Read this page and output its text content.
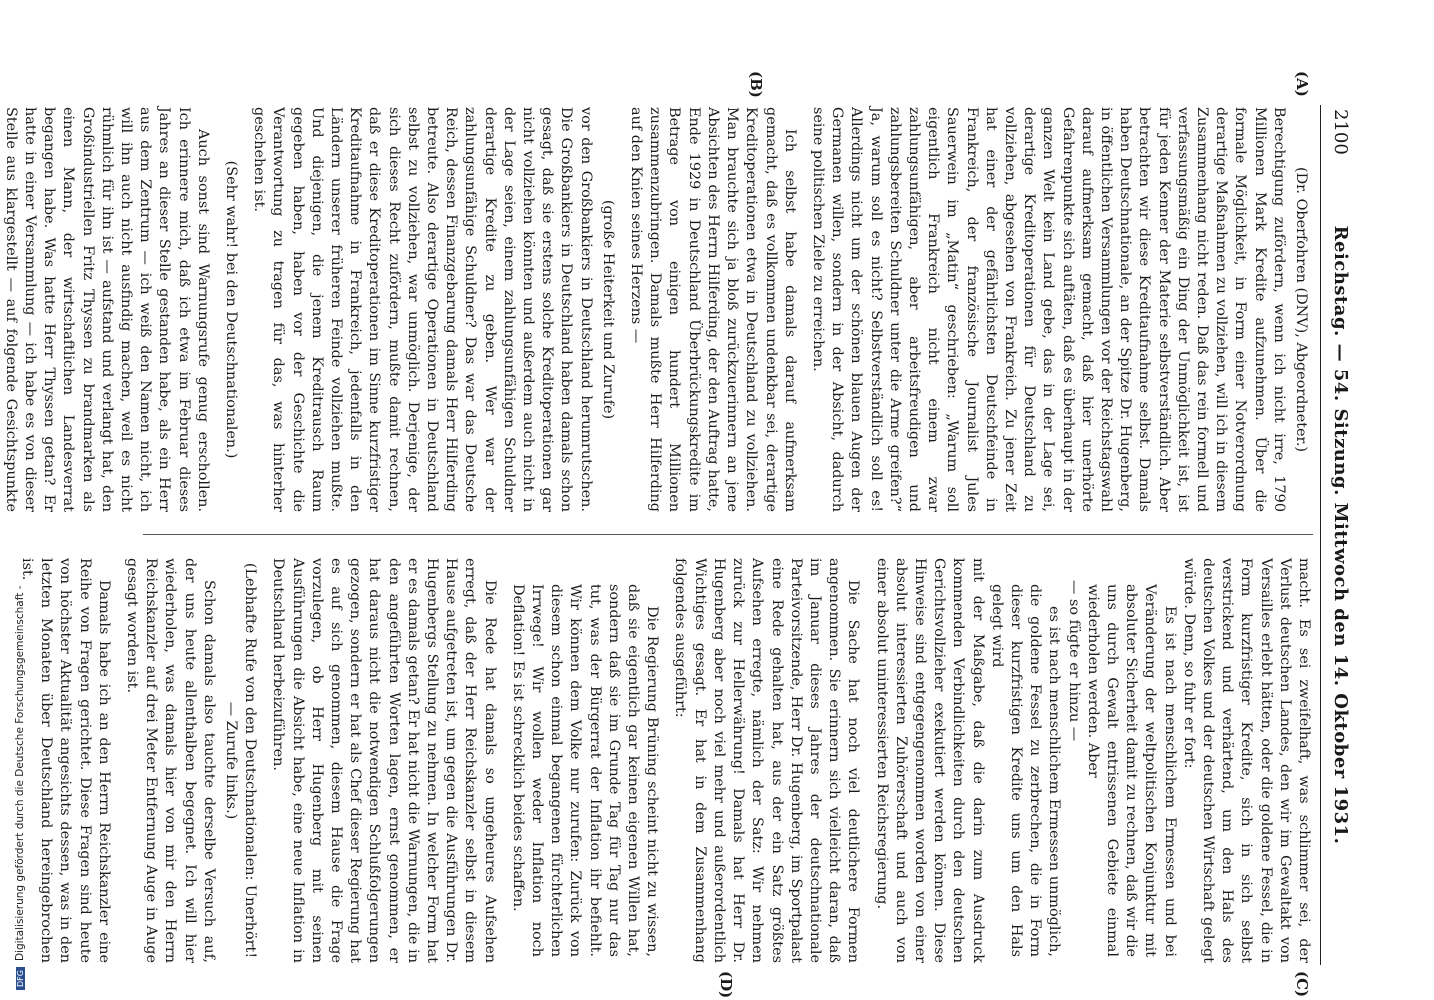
2100
Reichstag. — 54. Sitzung. Mittwoch den 14. Oktober 1931.
(A)
(B)
(C)
(D)

(Dr. Oberfohren (DNV), Abgeordneter.)

Berechtigung zufördern, wenn ich nicht irre, 1790 Millionen Mark Kredite aufzunehmen. Über die formale Möglichkeit, in Form einer Notverordnung derartige Maßnahmen zu vollziehen, will ich in diesem Zusammenhang nicht reden. Daß das rein formell und verfassungsmäßig ein Ding der Unmöglichkeit ist, ist für jeden Kenner der Materie selbstverständlich. Aber betrachten wir diese Kreditaufnahme selbst. Damals haben Deutschnationale, an der Spitze Dr. Hugenberg, in öffentlichen Versammlungen vor der Reichstagswahl darauf aufmerksam gemacht, daß hier unerhörte Gefahrenpunkte sich auftäten, daß es überhaupt in der ganzen Welt kein Land gebe, das in der Lage sei, derartige Kreditoperationen für Deutschland zu vollziehen, abgesehen von Frankreich. Zu jener Zeit hat einer der gefährlichsten Deutschfeinde in Frankreich, der französische Journalist Jules Sauerwein im „Matin“ geschrieben: „Warum soll eigentlich Frankreich nicht einem zwar zahlungsunfähigen, aber arbeitsfreudigen und zahlungsbereiten Schuldner unter die Arme greifen?“ Ja, warum soll es nicht? Selbstverständlich soll es! Allerdings nicht um der schönen blauen Augen der Germanen willen, sondern in der Absicht, dadurch seine politischen Ziele zu erreichen.

Ich selbst habe damals darauf aufmerksam gemacht, daß es vollkommen undenkbar sei, derartige Kreditoperationen etwa in Deutschland zu vollziehen. Man brauchte sich ja bloß zurückzuerinnern an jene Absichten des Herrn Hilferding, der den Auftrag hatte, Ende 1929 in Deutschland Überbrückungskredite im Betrage von einigen hundert Millionen zusammenzubringen. Damals mußte Herr Hilferding auf den Knien seines Herzens —

(große Heiterkeit und Zurufe)

vor den Großbankiers in Deutschland herumrutschen. Die Großbankiers in Deutschland haben damals schon gesagt, daß sie erstens solche Kreditoperationen gar nicht vollziehen könnten und außerdem auch nicht in der Lage seien, einem zahlungsunfähigen Schuldner derartige Kredite zu geben. Wer war der zahlungsunfähige Schuldner? Das war das Deutsche Reich, dessen Finanzgebarung damals Herr Hilferding betreute. Also derartige Operationen in Deutschland selbst zu vollziehen, war unmöglich. Derjenige, der sich dieses Recht zufördern, mußte damit rechnen, daß er diese Kreditoperationen im Sinne kurzfristiger Kreditaufnahme in Frankreich, jedenfalls in den Ländern unserer früheren Feinde vollziehen mußte. Und diejenigen, die jenem Kreditrausch Raum gegeben haben, haben vor der Geschichte die Verantwortung zu tragen für das, was hinterher geschehen ist.

(Sehr wahr! bei den Deutschnationalen.)

Auch sonst sind Warnungsrufe genug erschollen. Ich erinnere mich, daß ich etwa im Februar dieses Jahres an dieser Stelle gestanden habe, als ein Herr aus dem Zentrum — ich weiß den Namen nicht, ich will ihn auch nicht ausfindig machen, weil es nicht rühmlich für ihn ist — aufstand und verlangt hat, den Großindustriellen Fritz Thyssen zu brandmarken als einen Mann, der wirtschaftlichen Landesverrat begangen habe. Was hatte Herr Thyssen getan? Er hatte in einer Versammlung — ich habe es von dieser Stelle aus klargestellt — auf folgende Gesichtspunkte

macht. Es sei zweifelhaft, was schlimmer sei, der Verlust deutschen Landes, den wir im Gewaltakt von Versailles erlebt hätten, oder die goldene Fessel, die in Form kurzfristiger Kredite, sich in sich selbst verstrickend und verhärtend, um den Hals des deutschen Volkes und der deutschen Wirtschaft gelegt würde. Denn, so fuhr er fort:

Es ist nach menschlichem Ermessen und bei Veränderung der weltpolitischen Konjunktur mit absoluter Sicherheit damit zu rechnen, daß wir die uns durch Gewalt entrissenen Gebiete einmal wiederholen werden. Aber

— so fügte er hinzu —

es ist nach menschlichem Ermessen unmöglich, die goldene Fessel zu zerbrechen, die in Form dieser kurzfristigen Kredite uns um den Hals gelegt wird

mit der Maßgabe, daß die darin zum Ausdruck kommenden Verbindlichkeiten durch den deutschen Gerichtsvollzieher exekutiert werden können. Diese Hinweise sind entgegengenommen worden von einer absolut interessierten Zuhörerschaft und auch von einer absolut uninteressierten Reichsregierung.

Die Sache hat noch viel deutlichere Formen angenommen. Sie erinnern sich vielleicht daran, daß im Januar dieses Jahres der deutschnationale Parteivorsitzende, Herr Dr. Hugenberg, im Sportpalast eine Rede gehalten hat, aus der ein Satz größtes Aufsehen erregte, nämlich der Satz: Wir nehmen zurück zur Hellerwährung! Damals hat Herr Dr. Hugenberg aber noch viel mehr und außerordentlich Wichtiges gesagt. Er hat in dem Zusammenhang folgendes ausgeführt:

Die Regierung Brüning scheint nicht zu wissen, daß sie eigentlich gar keinen eigenen Willen hat, sondern daß sie im Grunde Tag für Tag nur das tut, was der Bürgerrat der Inflation ihr befiehlt. Wir können dem Volke nur zurufen: Zurück von diesem schon einmal begangenen fürchterlichen Irrwege! Wir wollen weder Inflation noch Deflation! Es ist schrecklich beides schaffen.

Die Rede hat damals so ungeheures Aufsehen erregt, daß der Herr Reichskanzler selbst in diesem Hause aufgetreten ist, um gegen die Ausführungen Dr. Hugenbergs Stellung zu nehmen. In welcher Form hat er es damals getan? Er hat nicht die Warnungen, die in den angeführten Worten lagen, ernst genommen, er hat daraus nicht die notwendigen Schlußfolgerungen gezogen, sondern er hat als Chef dieser Regierung hat es auf sich genommen, diesem Hause die Frage vorzulegen, ob Herr Hugenberg mit seinen Ausführungen die Absicht habe, eine neue Inflation in Deutschland herbeizuführen.

(Lebhafte Rufe von den Deutschnationalen: Unerhört! — Zurufe links.)

Schon damals also tauchte derselbe Versuch auf, der uns heute allenthalben begegnet. Ich will hier wiederholen, was damals hier von mir den Herrn Reichskanzler auf drei Meter Entfernung Auge in Auge gesagt worden ist.

Damals habe ich an den Herrn Reichskanzler eine Reihe von Fragen gerichtet. Diese Fragen sind heute von höchster Aktualität angesichts dessen, was in den letzten Monaten über Deutschland hereingebrochen ist.

DFGDigitalisierung gefördert durch die Deutsche Forschungsgemeinschaft -
